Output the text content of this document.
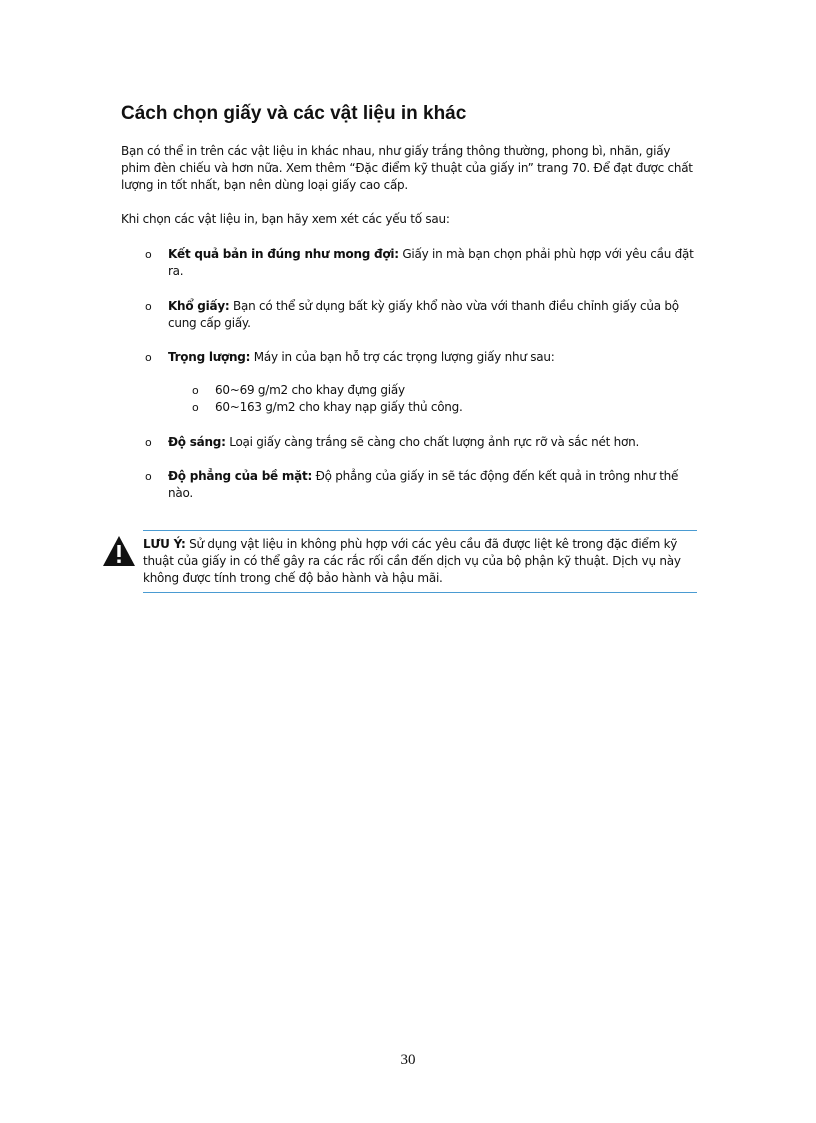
Cách chọn giấy và các vật liệu in khác

Bạn có thể in trên các vật liệu in khác nhau, như giấy trắng thông thường, phong bì, nhãn, giấy phim đèn chiếu và hơn nữa. Xem thêm “Đặc điểm kỹ thuật của giấy in” trang 70. Để đạt được chất lượng in tốt nhất, bạn nên dùng loại giấy cao cấp.

Khi chọn các vật liệu in, bạn hãy xem xét các yếu tố sau:

o Kết quả bản in đúng như mong đợi: Giấy in mà bạn chọn phải phù hợp với yêu cầu đặt ra.
o Khổ giấy: Bạn có thể sử dụng bất kỳ giấy khổ nào vừa với thanh điều chỉnh giấy của bộ cung cấp giấy.
o Trọng lượng: Máy in của bạn hỗ trợ các trọng lượng giấy như sau:
o 60~69 g/m2 cho khay đựng giấy
o 60~163 g/m2 cho khay nạp giấy thủ công.
o Độ sáng: Loại giấy càng trắng sẽ càng cho chất lượng ảnh rực rỡ và sắc nét hơn.
o Độ phẳng của bề mặt: Độ phẳng của giấy in sẽ tác động đến kết quả in trông như thế nào.
LƯU Ý: Sử dụng vật liệu in không phù hợp với các yêu cầu đã được liệt kê trong đặc điểm kỹ thuật của giấy in có thể gây ra các rắc rối cần đến dịch vụ của bộ phận kỹ thuật. Dịch vụ này không được tính trong chế độ bảo hành và hậu mãi.
30
